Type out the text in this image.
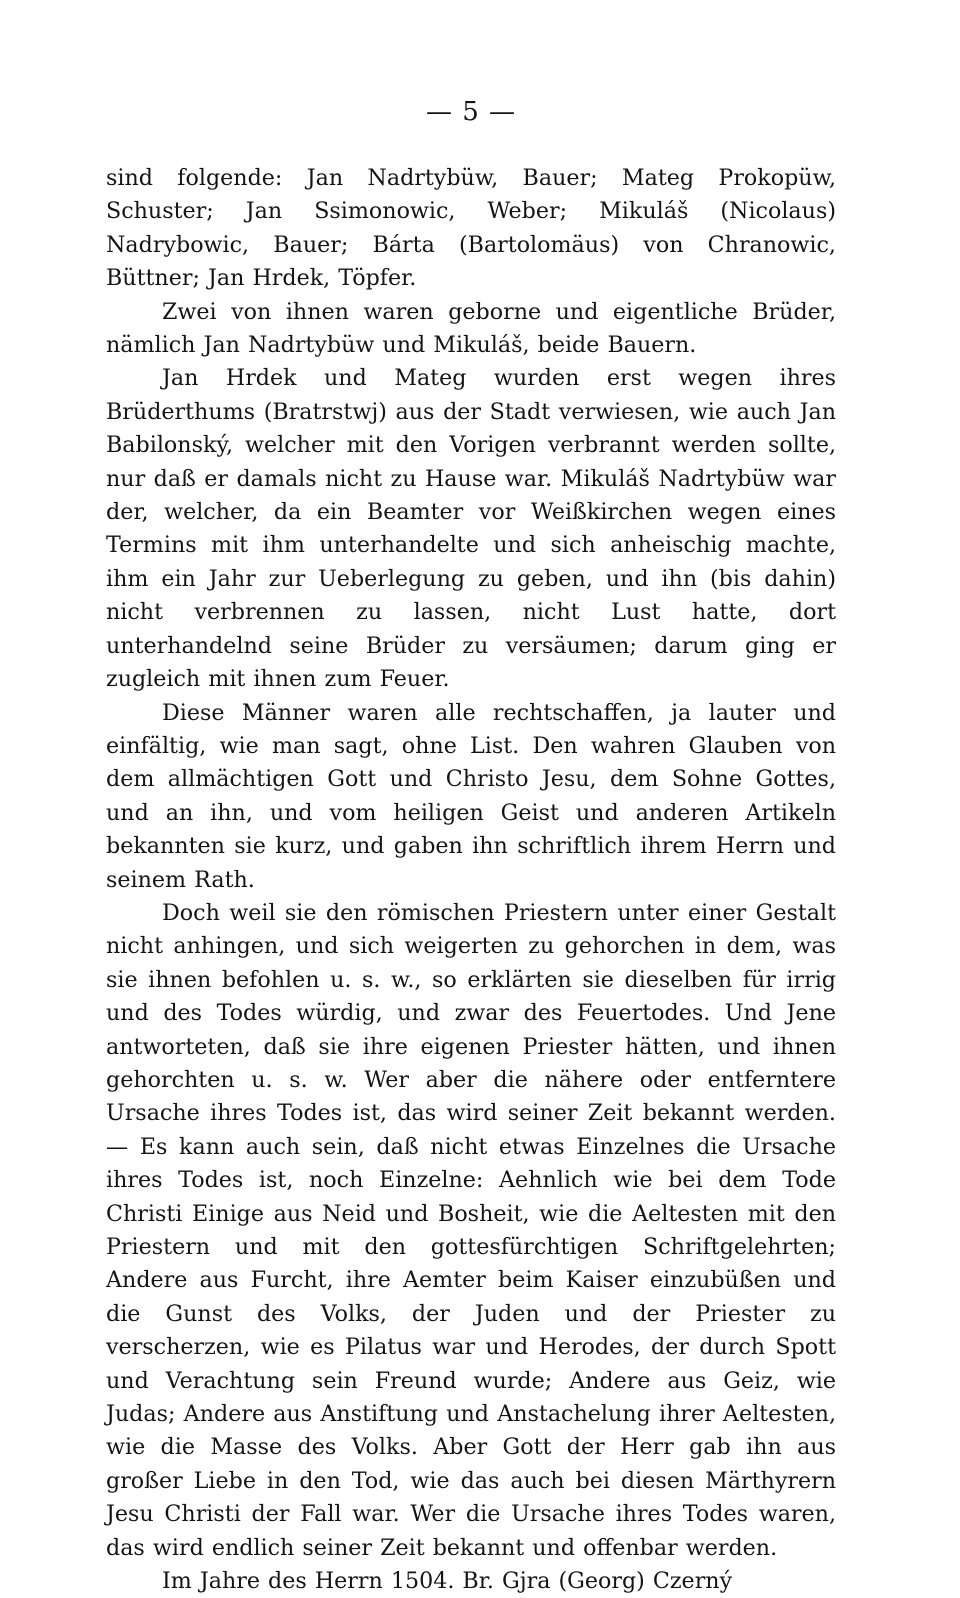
— 5 —

sind folgende: Jan Nadrtybüw, Bauer; Mateg Prokopüw, Schuster; Jan Ssimonowic, Weber; Mikuláš (Nicolaus) Nadrybowic, Bauer; Bárta (Bartolomäus) von Chranowic, Büttner; Jan Hrdek, Töpfer.

Zwei von ihnen waren geborne und eigentliche Brüder, nämlich Jan Nadrtybüw und Mikuláš, beide Bauern.

Jan Hrdek und Mateg wurden erst wegen ihres Brüderthums (Bratrstwj) aus der Stadt verwiesen, wie auch Jan Babilonský, welcher mit den Vorigen verbrannt werden sollte, nur daß er damals nicht zu Hause war. Mikuláš Nadrtybüw war der, welcher, da ein Beamter vor Weißkirchen wegen eines Termins mit ihm unterhandelte und sich anheischig machte, ihm ein Jahr zur Ueberlegung zu geben, und ihn (bis dahin) nicht verbrennen zu lassen, nicht Lust hatte, dort unterhandelnd seine Brüder zu versäumen; darum ging er zugleich mit ihnen zum Feuer.

Diese Männer waren alle rechtschaffen, ja lauter und einfältig, wie man sagt, ohne List. Den wahren Glauben von dem allmächtigen Gott und Christo Jesu, dem Sohne Gottes, und an ihn, und vom heiligen Geist und anderen Artikeln bekannten sie kurz, und gaben ihn schriftlich ihrem Herrn und seinem Rath.

Doch weil sie den römischen Priestern unter einer Gestalt nicht anhingen, und sich weigerten zu gehorchen in dem, was sie ihnen befohlen u. s. w., so erklärten sie dieselben für irrig und des Todes würdig, und zwar des Feuertodes. Und Jene antworteten, daß sie ihre eigenen Priester hätten, und ihnen gehorchten u. s. w. Wer aber die nähere oder entferntere Ursache ihres Todes ist, das wird seiner Zeit bekannt werden. — Es kann auch sein, daß nicht etwas Einzelnes die Ursache ihres Todes ist, noch Einzelne: Aehnlich wie bei dem Tode Christi Einige aus Neid und Bosheit, wie die Aeltesten mit den Priestern und mit den gottesfürchtigen Schriftgelehrten; Andere aus Furcht, ihre Aemter beim Kaiser einzubüßen und die Gunst des Volks, der Juden und der Priester zu verscherzen, wie es Pilatus war und Herodes, der durch Spott und Verachtung sein Freund wurde; Andere aus Geiz, wie Judas; Andere aus Anstiftung und Anstachelung ihrer Aeltesten, wie die Masse des Volks. Aber Gott der Herr gab ihn aus großer Liebe in den Tod, wie das auch bei diesen Märthyrern Jesu Christi der Fall war. Wer die Ursache ihres Todes waren, das wird endlich seiner Zeit bekannt und offenbar werden.

Im Jahre des Herrn 1504. Br. Gjra (Georg) Czerný
